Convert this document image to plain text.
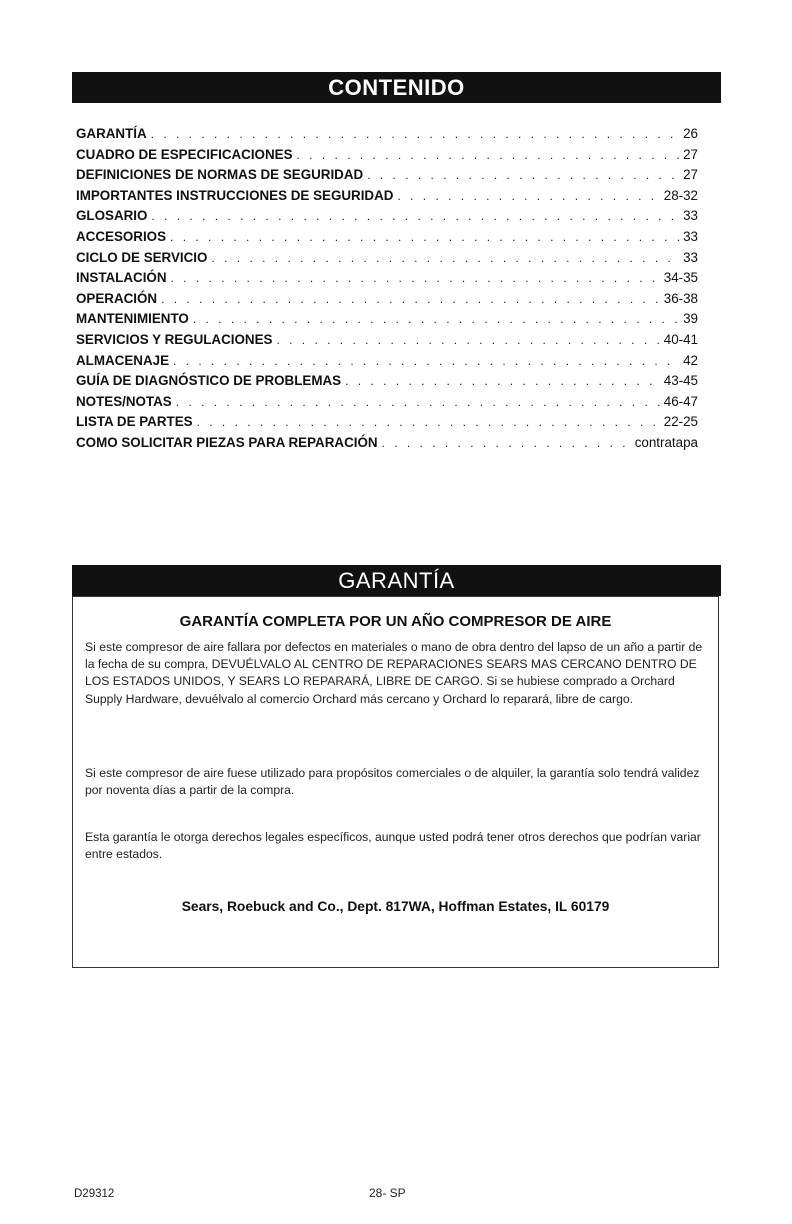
CONTENIDO
GARANTÍA . . .	26
CUADRO DE ESPECIFICACIONES . . .	27
DEFINICIONES DE NORMAS DE SEGURIDAD . . .	27
IMPORTANTES INSTRUCCIONES DE SEGURIDAD . . .	28-32
GLOSARIO . . .	33
ACCESORIOS . . .	33
CICLO DE SERVICIO . . .	33
INSTALACIÓN . . .	34-35
OPERACIÓN . . .	36-38
MANTENIMIENTO . . .	39
SERVICIOS Y REGULACIONES . . .	40-41
ALMACENAJE . . .	42
GUÍA DE DIAGNÓSTICO DE PROBLEMAS . . .	43-45
NOTES/NOTAS . . .	46-47
LISTA DE PARTES . . .	22-25
COMO SOLICITAR PIEZAS PARA REPARACIÓN . . .	contratapa
GARANTÍA
GARANTÍA COMPLETA POR UN AÑO COMPRESOR DE AIRE
Si este compresor de aire fallara por defectos en materiales o mano de obra dentro del lapso de un año a partir de la fecha de su compra, DEVUÉLVALO AL CENTRO DE REPARACIONES SEARS MAS CERCANO DENTRO DE LOS ESTADOS UNIDOS, Y SEARS LO REPARARÁ, LIBRE DE CARGO. Si se hubiese comprado a Orchard Supply Hardware, devuélvalo al comercio Orchard más cercano y Orchard lo reparará, libre de cargo.
Si este compresor de aire fuese utilizado para propósitos comerciales o de alquiler, la garantía solo tendrá validez por noventa días a partir de la compra.
Esta garantía le otorga derechos legales específicos, aunque usted podrá tener otros derechos que podrían variar entre estados.
Sears, Roebuck and Co., Dept. 817WA, Hoffman Estates, IL 60179
D29312	28- SP
